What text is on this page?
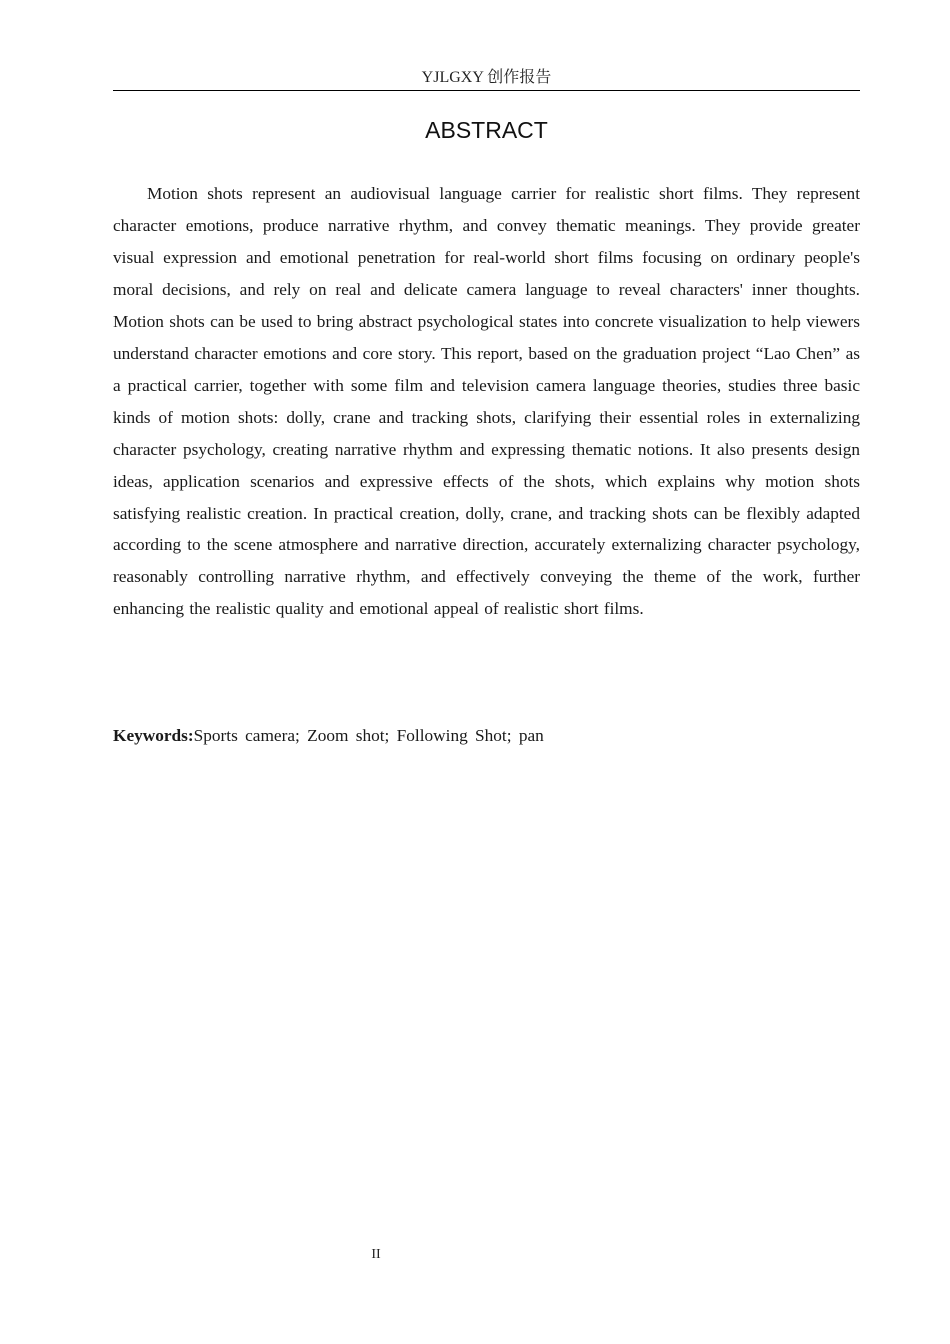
YJLGXY 创作报告
ABSTRACT

Motion shots represent an audiovisual language carrier for realistic short films. They represent character emotions, produce narrative rhythm, and convey thematic meanings. They provide greater visual expression and emotional penetration for real-world short films focusing on ordinary people's moral decisions, and rely on real and delicate camera language to reveal characters' inner thoughts. Motion shots can be used to bring abstract psychological states into concrete visualization to help viewers understand character emotions and core story. This report, based on the graduation project “Lao Chen” as a practical carrier, together with some film and television camera language theories, studies three basic kinds of motion shots: dolly, crane and tracking shots, clarifying their essential roles in externalizing character psychology, creating narrative rhythm and expressing thematic notions. It also presents design ideas, application scenarios and expressive effects of the shots, which explains why motion shots satisfying realistic creation. In practical creation, dolly, crane, and tracking shots can be flexibly adapted according to the scene atmosphere and narrative direction, accurately externalizing character psychology, reasonably controlling narrative rhythm, and effectively conveying the theme of the work, further enhancing the realistic quality and emotional appeal of realistic short films.

Keywords:Sports camera; Zoom shot; Following Shot; pan
II
